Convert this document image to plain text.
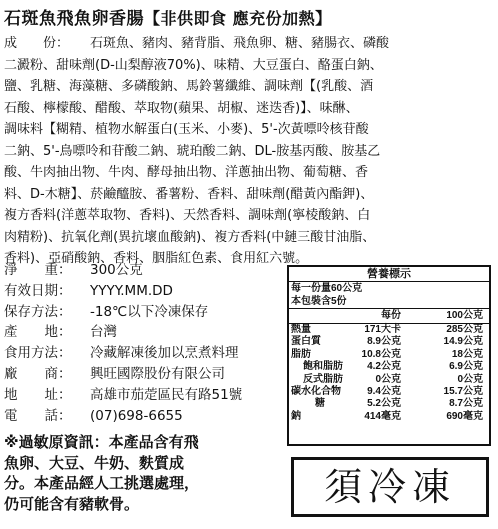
石斑魚飛魚卵香腸【非供即食 應充份加熱】
成　　份： 石斑魚、豬肉、豬背脂、飛魚卵、糖、豬腸衣、磷酸
二澱粉、甜味劑(D-山梨醇液70%)、味精、大豆蛋白、酪蛋白鈉、
鹽、乳糖、海藻糖、多磷酸鈉、馬鈴薯纖維、調味劑【(乳酸、酒
石酸、檸檬酸、醋酸、萃取物(蘋果、胡椒、迷迭香)】、味醂、
調味料【糊精、植物水解蛋白(玉米、小麥)、5'-次黃嘌呤核苷酸
二鈉、5'-鳥嘌呤和苷酸二鈉、琥珀酸二鈉、DL-胺基丙酸、胺基乙
酸、牛肉抽出物、牛肉、酵母抽出物、洋蔥抽出物、葡萄糖、香
料、D-木糖】、菸鹼醯胺、番薯粉、香料、甜味劑(醋黃內酯鉀)、
複方香料(洋蔥萃取物、香料)、天然香料、調味劑(寧棱酸鈉、白
肉精粉)、抗氧化劑(異抗壞血酸鈉)、複方香料(中鏈三酸甘油脂、
香料)、亞硝酸鈉、香料、胭脂紅色素、食用紅六號。
淨　　重： 300公克
有效日期： YYYY.MM.DD
保存方法： -18℃以下冷凍保存
產　　地： 台灣
食用方法： 冷藏解凍後加以烹煮料理
廠　　商： 興旺國際股份有限公司
地　　址： 高雄市茄萣區民有路51號
電　　話： (07)698-6655
營養標示
每一份量60公克
本包裝含5份
每份	100公克
熱量	171大卡	285公克
蛋白質	8.9公克	14.9公克
脂肪	10.8公克	18公克
飽和脂肪 4.2公克	6.9公克
反式脂肪	0公克	0公克
碳水化合物	9.4公克	15.7公克
糖	5.2公克	8.7公克
鈉	414毫克	690毫克
※過敏原資訊：本產品含有飛
魚卵、大豆、牛奶、麩質成
分。本產品經人工挑選處理，
仍可能含有豬軟骨。	須冷凍
